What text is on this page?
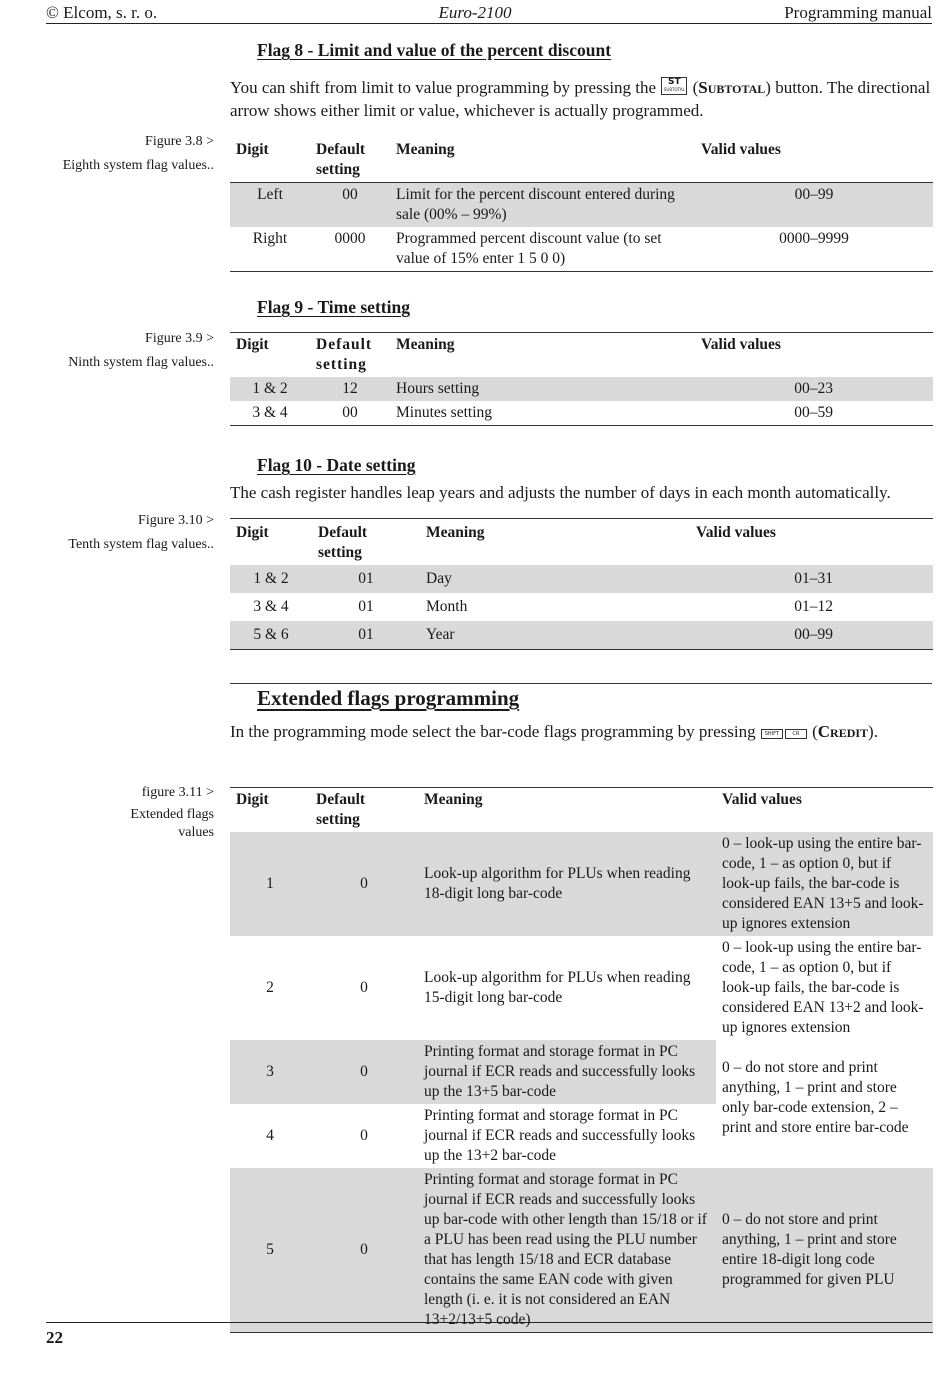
© Elcom, s. r. o.	Euro-2100	Programming manual
Flag 8 - Limit and value of the percent discount
You can shift from limit to value programming by pressing the	ST
SUBTOTAL (Subtotal) button. The directional arrow shows either limit or value, whichever is actually programmed.
Figure 3.8 >
Eighth system flag values..
Digit	Default setting	Meaning	Valid values
Left	00	Limit for the percent discount entered during sale (00% – 99%)	00–99
Right	0000	Programmed percent discount value (to set value of 15% enter 1 5 0 0)	0000–9999
Flag 9 - Time setting
Figure 3.9 >
Ninth system flag values..
Digit	Default setting	Meaning	Valid values
1 & 2	12	Hours setting	00–23
3 & 4	00	Minutes setting	00–59
Flag 10 - Date setting
The cash register handles leap years and adjusts the number of days in each month automatically.
Figure 3.10 >
Tenth system flag values..
Digit	Default setting	Meaning	Valid values
1 & 2	01	Day	01–31
3 & 4	01	Month	01–12
5 & 6	01	Year	00–99
Extended flags programming
In the programming mode select the bar-code flags programming by pressing SHIFT	CR (Credit).
figure 3.11 >
Extended flags values
Digit	Default setting	Meaning	Valid values
1	0	Look-up algorithm for PLUs when reading 18-digit long bar-code	0 – look-up using the entire bar-code, 1 – as option 0, but if look-up fails, the bar-code is considered EAN 13+5 and look-up ignores extension
2	0	Look-up algorithm for PLUs when reading 15-digit long bar-code	0 – look-up using the entire bar-code, 1 – as option 0, but if look-up fails, the bar-code is considered EAN 13+2 and look-up ignores extension
3	0	Printing format and storage format in PC journal if ECR reads and successfully looks up the 13+5 bar-code	0 – do not store and print anything, 1 – print and store only bar-code extension, 2 – print and store entire bar-code
4	0	Printing format and storage format in PC journal if ECR reads and successfully looks up the 13+2 bar-code	
5	0	Printing format and storage format in PC journal if ECR reads and successfully looks up bar-code with other length than 15/18 or if a PLU has been read using the PLU number that has length 15/18 and ECR database contains the same EAN code with given length (i. e. it is not considered an EAN 13+2/13+5 code)	0 – do not store and print anything, 1 – print and store entire 18-digit long code programmed for given PLU
22
